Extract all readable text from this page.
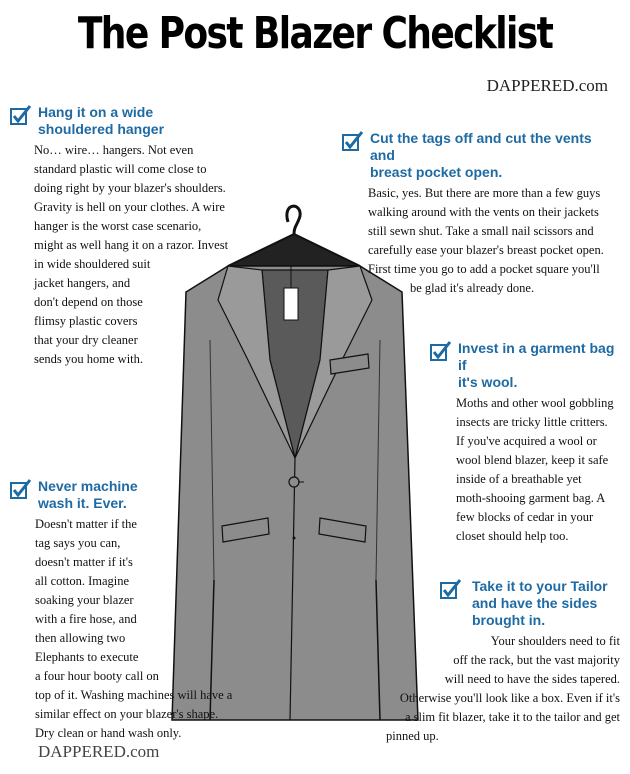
The Post Blazer Checklist
DAPPERED.com
Hang it on a wide
shouldered hanger

No… wire… hangers. Not even

standard plastic will come close to

doing right by your blazer's shoulders.

Gravity is hell on your clothes. A wire

hanger is the worst case scenario,

might as well hang it on a razor. Invest

in wide shouldered suit

jacket hangers, and

don't depend on those

flimsy plastic covers

that your dry cleaner

sends you home with.

Cut the tags off and cut the vents and
breast pocket open.

Basic, yes. But there are more than a few guys

walking around with the vents on their jackets

still sewn shut. Take a small nail scissors and

carefully ease your blazer's breast pocket open.

First time you go to add a pocket square you'll

be glad it's already done.

Invest in a garment bag if
it's wool.

Moths and other wool gobbling

insects are tricky little critters.

If you've acquired a wool or

wool blend blazer, keep it safe

inside of a breathable yet

moth-shooing garment bag. A

few blocks of cedar in your

closet should help too.

Never machine
wash it. Ever.

Doesn't matter if the

tag says you can,

doesn't matter if it's

all cotton. Imagine

soaking your blazer

with a fire hose, and

then allowing two

Elephants to execute

a four hour booty call on

top of it. Washing machines will have a

similar effect on your blazer's shape.

Dry clean or hand wash only.

Take it to your Tailor
and have the sides
brought in.

Your shoulders need to fit

off the rack, but the vast majority

will need to have the sides tapered.

Otherwise you'll look like a box. Even if it's

a slim fit blazer, take it to the tailor and get

pinned up.

DAPPERED.com
